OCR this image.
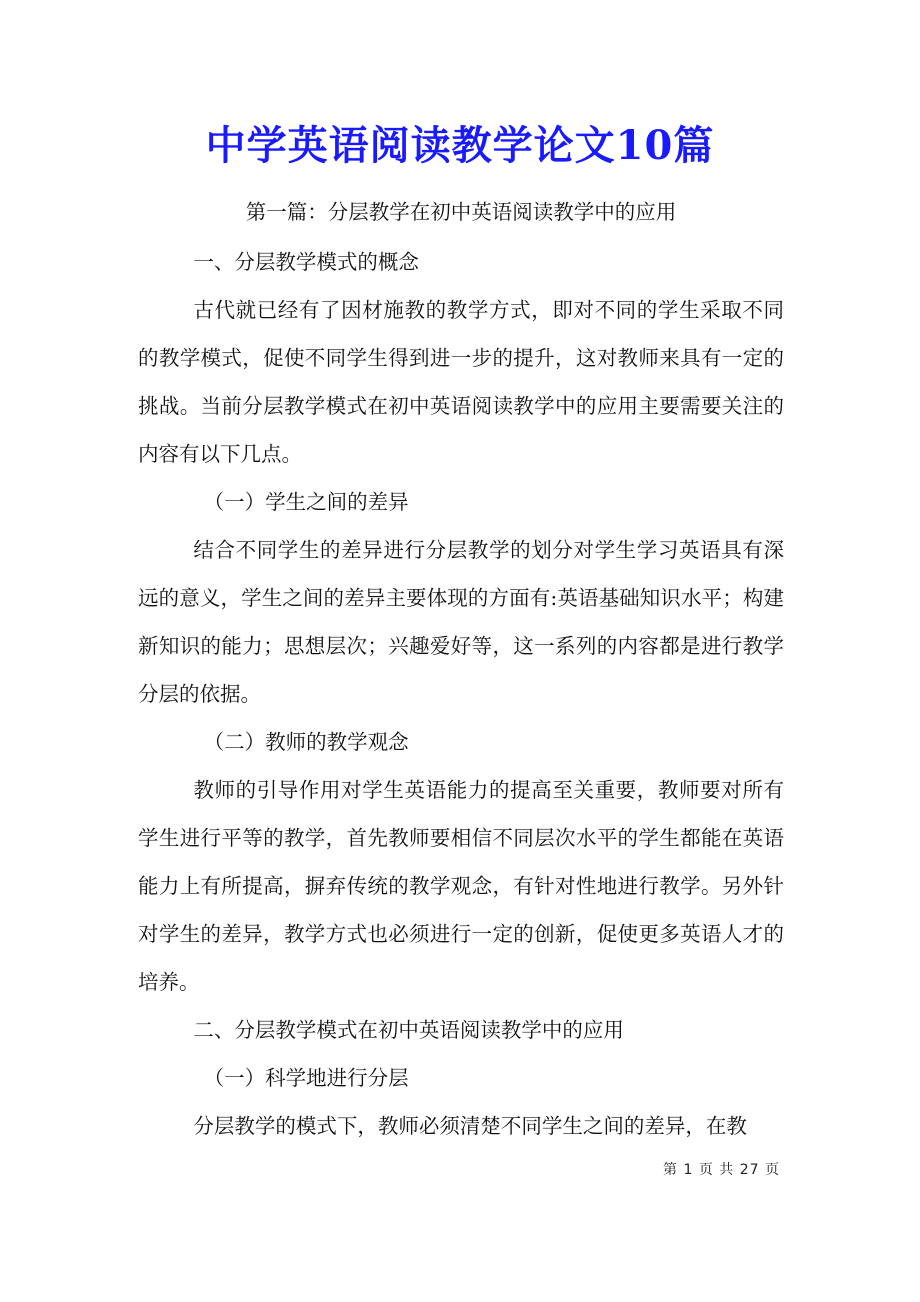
中学英语阅读教学论文10篇

第一篇：分层教学在初中英语阅读教学中的应用

一、分层教学模式的概念

古代就已经有了因材施教的教学方式，即对不同的学生采取不同的教学模式，促使不同学生得到进一步的提升，这对教师来具有一定的挑战。当前分层教学模式在初中英语阅读教学中的应用主要需要关注的内容有以下几点。

（一）学生之间的差异

结合不同学生的差异进行分层教学的划分对学生学习英语具有深远的意义，学生之间的差异主要体现的方面有:英语基础知识水平；构建新知识的能力；思想层次；兴趣爱好等，这一系列的内容都是进行教学分层的依据。

（二）教师的教学观念

教师的引导作用对学生英语能力的提高至关重要，教师要对所有学生进行平等的教学，首先教师要相信不同层次水平的学生都能在英语能力上有所提高，摒弃传统的教学观念，有针对性地进行教学。另外针对学生的差异，教学方式也必须进行一定的创新，促使更多英语人才的培养。

二、分层教学模式在初中英语阅读教学中的应用

（一）科学地进行分层

分层教学的模式下，教师必须清楚不同学生之间的差异，在教

第 1 页 共 27 页
